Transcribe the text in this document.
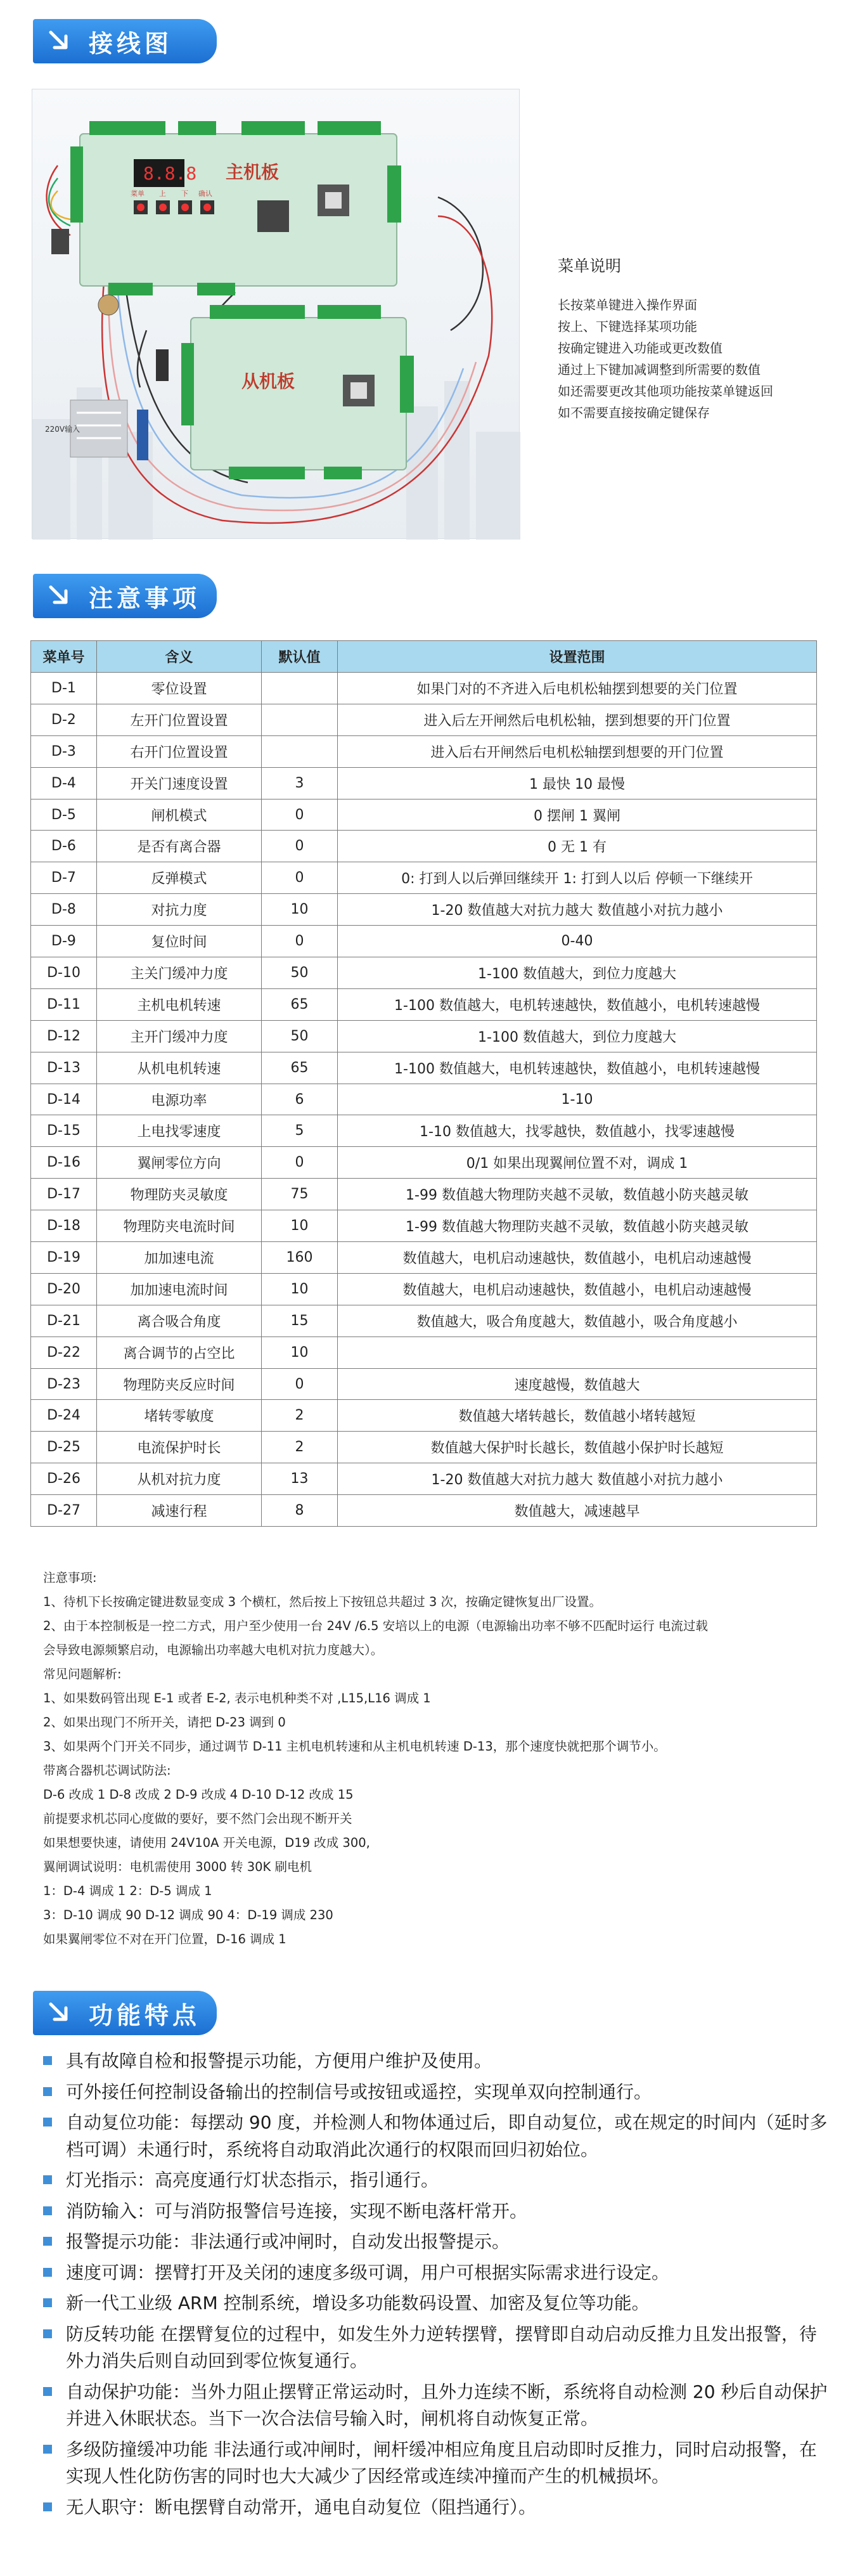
接线图
8.8.8 主机板
菜单 上 下 确认
从机板
220V输入
菜单说明
长按菜单键进入操作界面
按上、下键选择某项功能
按确定键进入功能或更改数值
通过上下键加减调整到所需要的数值
如还需要更改其他项功能按菜单键返回
如不需要直接按确定键保存
注意事项
菜单号	含义	默认值	设置范围
D-1	零位设置		如果门对的不齐进入后电机松轴摆到想要的关门位置
D-2	左开门位置设置		进入后左开闸然后电机松轴，摆到想要的开门位置
D-3	右开门位置设置		进入后右开闸然后电机松轴摆到想要的开门位置
D-4	开关门速度设置	3	1 最快 10 最慢
D-5	闸机模式	0	0 摆闸 1 翼闸
D-6	是否有离合器	0	0 无 1 有
D-7	反弹模式	0	0: 打到人以后弹回继续开 1: 打到人以后 停顿一下继续开
D-8	对抗力度	10	1-20 数值越大对抗力越大 数值越小对抗力越小
D-9	复位时间	0	0-40
D-10	主关门缓冲力度	50	1-100 数值越大，到位力度越大
D-11	主机电机转速	65	1-100 数值越大，电机转速越快，数值越小，电机转速越慢
D-12	主开门缓冲力度	50	1-100 数值越大，到位力度越大
D-13	从机电机转速	65	1-100 数值越大，电机转速越快，数值越小，电机转速越慢
D-14	电源功率	6	1-10
D-15	上电找零速度	5	1-10 数值越大，找零越快，数值越小，找零速越慢
D-16	翼闸零位方向	0	0/1 如果出现翼闸位置不对，调成 1
D-17	物理防夹灵敏度	75	1-99 数值越大物理防夹越不灵敏，数值越小防夹越灵敏
D-18	物理防夹电流时间	10	1-99 数值越大物理防夹越不灵敏，数值越小防夹越灵敏
D-19	加加速电流	160	数值越大，电机启动速越快，数值越小，电机启动速越慢
D-20	加加速电流时间	10	数值越大，电机启动速越快，数值越小，电机启动速越慢
D-21	离合吸合角度	15	数值越大，吸合角度越大，数值越小，吸合角度越小
D-22	离合调节的占空比	10	
D-23	物理防夹反应时间	0	速度越慢，数值越大
D-24	堵转零敏度	2	数值越大堵转越长，数值越小堵转越短
D-25	电流保护时长	2	数值越大保护时长越长，数值越小保护时长越短
D-26	从机对抗力度	13	1-20 数值越大对抗力越大 数值越小对抗力越小
D-27	减速行程	8	数值越大，减速越早
注意事项:
1、待机下长按确定键进数显变成 3 个横杠，然后按上下按钮总共超过 3 次，按确定键恢复出厂设置。
2、由于本控制板是一控二方式，用户至少使用一台 24V /6.5 安培以上的电源（电源输出功率不够不匹配时运行 电流过载
会导致电源频繁启动，电源输出功率越大电机对抗力度越大）。
常见问题解析:
1、如果数码管出现 E-1 或者 E-2, 表示电机种类不对 ,L15,L16 调成 1
2、如果出现门不所开关，请把 D-23 调到 0
3、如果两个门开关不同步，通过调节 D-11 主机电机转速和从主机电机转速 D-13，那个速度快就把那个调节小。
带离合器机芯调试防法:
D-6 改成 1 D-8 改成 2 D-9 改成 4 D-10 D-12 改成 15
前提要求机芯同心度做的要好，要不然门会出现不断开关
如果想要快速，请使用 24V10A 开关电源，D19 改成 300,
翼闸调试说明：电机需使用 3000 转 30K 刷电机
1：D-4 调成 1 2：D-5 调成 1
3：D-10 调成 90 D-12 调成 90 4：D-19 调成 230
如果翼闸零位不对在开门位置，D-16 调成 1
功能特点
具有故障自检和报警提示功能，方便用户维护及使用。
可外接任何控制设备输出的控制信号或按钮或遥控，实现单双向控制通行。
自动复位功能：每摆动 90 度，并检测人和物体通过后，即自动复位，或在规定的时间内（延时多档可调）未通行时，系统将自动取消此次通行的权限而回归初始位。
灯光指示：高亮度通行灯状态指示，指引通行。
消防输入：可与消防报警信号连接，实现不断电落杆常开。
报警提示功能：非法通行或冲闸时，自动发出报警提示。
速度可调：摆臂打开及关闭的速度多级可调，用户可根据实际需求进行设定。
新一代工业级 ARM 控制系统，增设多功能数码设置、加密及复位等功能。
防反转功能 在摆臂复位的过程中，如发生外力逆转摆臂，摆臂即自动启动反推力且发出报警，待外力消失后则自动回到零位恢复通行。
自动保护功能：当外力阻止摆臂正常运动时，且外力连续不断，系统将自动检测 20 秒后自动保护并进入休眠状态。当下一次合法信号输入时，闸机将自动恢复正常。
多级防撞缓冲功能 非法通行或冲闸时，闸杆缓冲相应角度且启动即时反推力，同时启动报警，在实现人性化防伤害的同时也大大减少了因经常或连续冲撞而产生的机械损坏。
无人职守：断电摆臂自动常开，通电自动复位（阻挡通行）。
